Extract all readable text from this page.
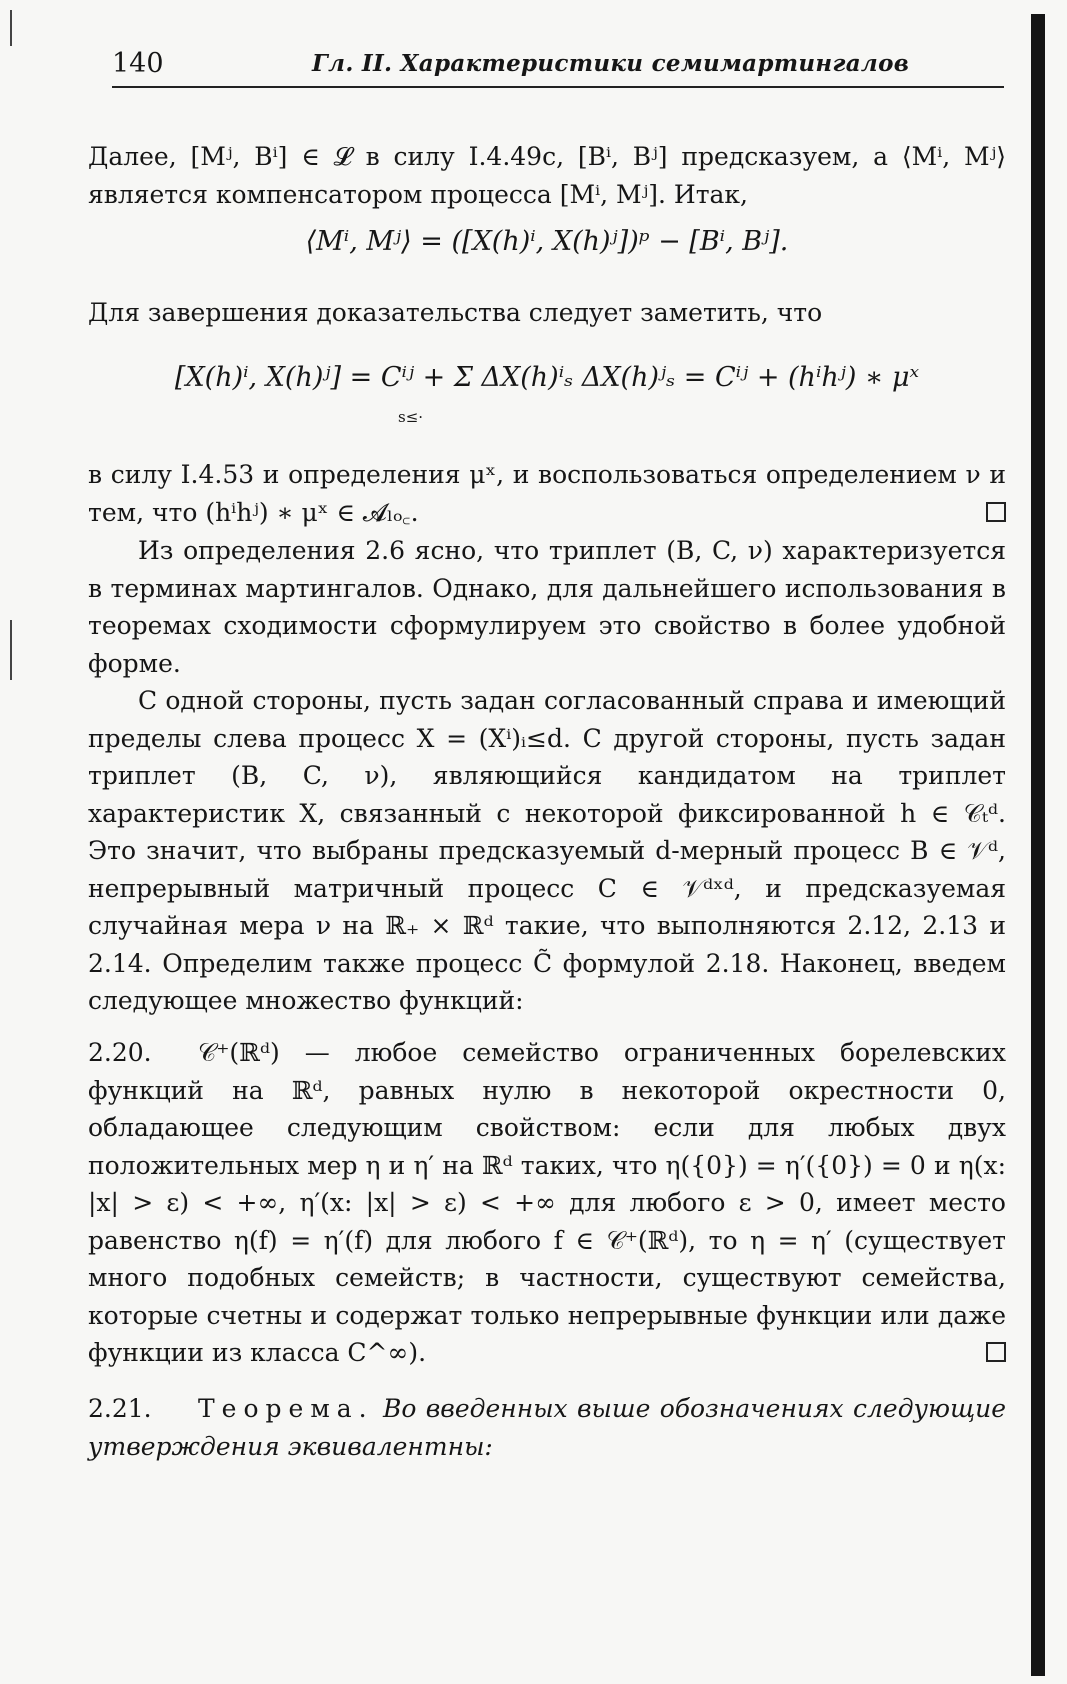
140	Гл. II. Характеристики семимартингалов

Далее, [Mʲ, Bⁱ] ∈ 𝓛 в силу I.4.49c, [Bⁱ, Bʲ] предсказуем, а ⟨Mⁱ, Mʲ⟩ является компенсатором процесса [Mⁱ, Mʲ]. Итак,

⟨Mⁱ, Mʲ⟩ = ([X(h)ⁱ, X(h)ʲ])ᵖ − [Bⁱ, Bʲ].

Для завершения доказательства следует заметить, что

[X(h)ⁱ, X(h)ʲ] = Cⁱʲ + Σ ΔX(h)ⁱₛ ΔX(h)ʲₛ = Cⁱʲ + (hⁱhʲ) ∗ μˣ
s≤·

в силу I.4.53 и определения μˣ, и воспользоваться определением ν и тем, что (hⁱhʲ) ∗ μˣ ∈ 𝓐ₗₒ꜀.

Из определения 2.6 ясно, что триплет (B, C, ν) характеризуется в терминах мартингалов. Однако, для дальнейшего использования в теоремах сходимости сформулируем это свойство в более удобной форме.

С одной стороны, пусть задан согласованный справа и имеющий пределы слева процесс X = (Xⁱ)ᵢ≤d. С другой стороны, пусть задан триплет (B, C, ν), являющийся кандидатом на триплет характеристик X, связанный с некоторой фиксированной h ∈ 𝒞ₜᵈ. Это значит, что выбраны предсказуемый d-мерный процесс B ∈ 𝒱ᵈ, непрерывный матричный процесс C ∈ 𝒱ᵈˣᵈ, и предсказуемая случайная мера ν на ℝ₊ × ℝᵈ такие, что выполняются 2.12, 2.13 и 2.14. Определим также процесс C̃ формулой 2.18. Наконец, введем следующее множество функций:

2.20. 𝒞⁺(ℝᵈ) — любое семейство ограниченных борелевских функций на ℝᵈ, равных нулю в некоторой окрестности 0, обладающее следующим свойством: если для любых двух положительных мер η и η′ на ℝᵈ таких, что η({0}) = η′({0}) = 0 и η(x: |x| > ε) < +∞, η′(x: |x| > ε) < +∞ для любого ε > 0, имеет место равенство η(f) = η′(f) для любого f ∈ 𝒞⁺(ℝᵈ), то η = η′ (существует много подобных семейств; в частности, существуют семейства, которые счетны и содержат только непрерывные функции или даже функции из класса C^∞).

2.21. Теорема. Во введенных выше обозначениях следующие утверждения эквивалентны:
